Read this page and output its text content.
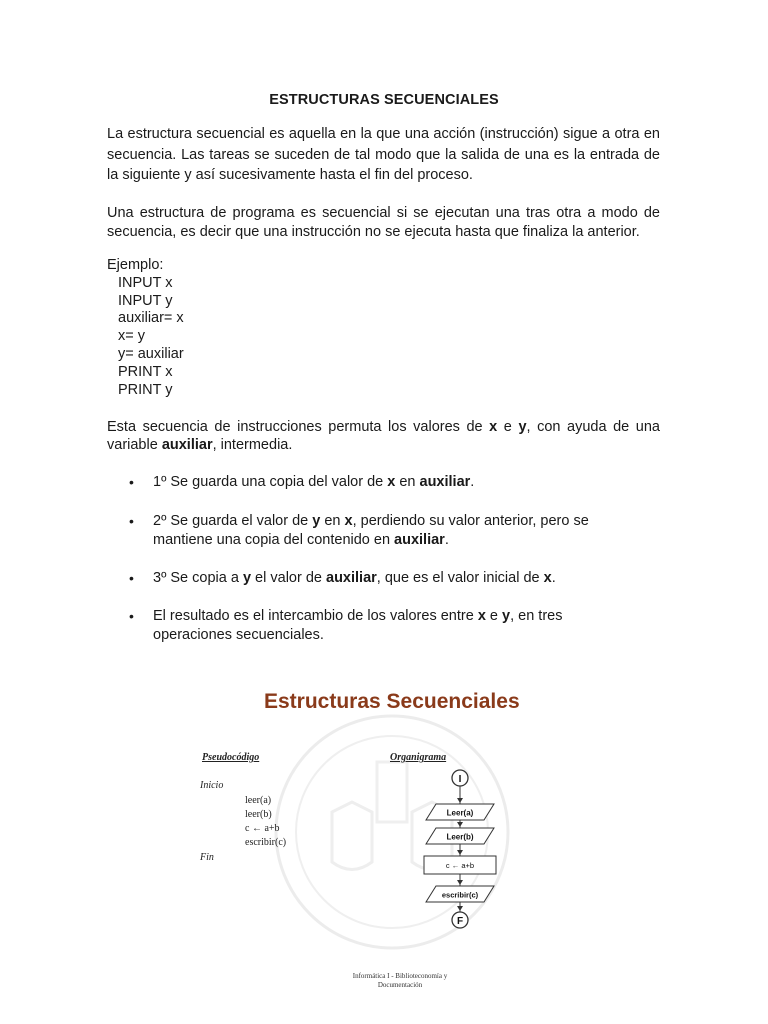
ESTRUCTURAS SECUENCIALES

La estructura secuencial es aquella en la que una acción (instrucción) sigue a otra en secuencia. Las tareas se suceden de tal modo que la salida de una es la entrada de la siguiente y así sucesivamente hasta el fin del proceso.

Una estructura de programa es secuencial si se ejecutan una tras otra a modo de secuencia, es decir que una instrucción no se ejecuta hasta que finaliza la anterior.

Ejemplo:
INPUT x
INPUT y
auxiliar= x
x= y
y= auxiliar
PRINT x
PRINT y

Esta secuencia de instrucciones permuta los valores de x e y, con ayuda de una variable auxiliar, intermedia.

• 1º Se guarda una copia del valor de x en auxiliar.
• 2º Se guarda el valor de y en x, perdiendo su valor anterior, pero se mantiene una copia del contenido en auxiliar.
• 3º Se copia a y el valor de auxiliar, que es el valor inicial de x.
• El resultado es el intercambio de los valores entre x e y, en tres operaciones secuenciales.
Estructuras Secuenciales
Pseudocódigo	Organigrama
Inicio
leer(a)
leer(b)
c ← a+b
escribir(c)
Fin
I
Leer(a)
Leer(b)
c ← a+b
escribir(c)
F
Informática I - Biblioteconomía y
Documentación
